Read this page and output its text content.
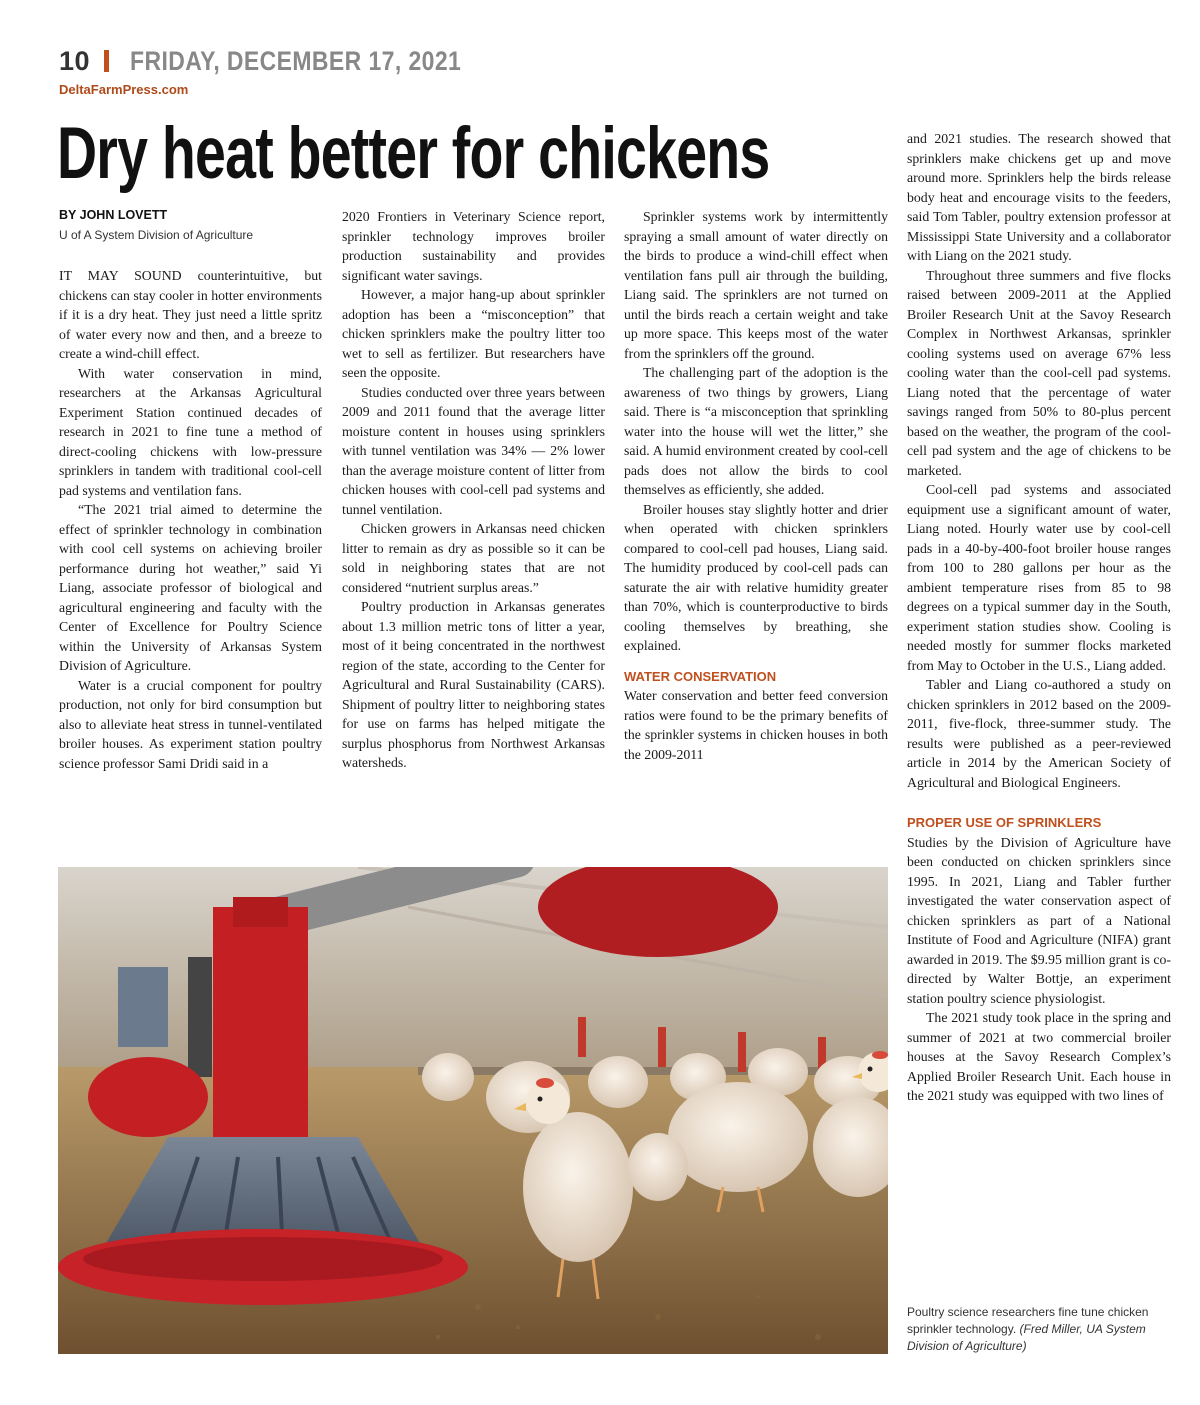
10 FRIDAY, DECEMBER 17, 2021
DeltaFarmPress.com
Dry heat better for chickens
BY JOHN LOVETT
U of A System Division of Agriculture

IT MAY SOUND counterintuitive, but chickens can stay cooler in hotter environments if it is a dry heat. They just need a little spritz of water every now and then, and a breeze to create a wind-chill effect.

With water conservation in mind, researchers at the Arkansas Agricultural Experiment Station continued decades of research in 2021 to fine tune a method of direct-cooling chickens with low-pressure sprinklers in tandem with traditional cool-cell pad systems and ventilation fans.

“The 2021 trial aimed to determine the effect of sprinkler technology in combination with cool cell systems on achieving broiler performance during hot weather,” said Yi Liang, associate professor of biological and agricultural engineering and faculty with the Center of Excellence for Poultry Science within the University of Arkansas System Division of Agriculture.

Water is a crucial component for poultry production, not only for bird consumption but also to alleviate heat stress in tunnel-ventilated broiler houses. As experiment station poultry science professor Sami Dridi said in a

2020 Frontiers in Veterinary Science report, sprinkler technology improves broiler production sustainability and provides significant water savings.

However, a major hang-up about sprinkler adoption has been a “misconception” that chicken sprinklers make the poultry litter too wet to sell as fertilizer. But researchers have seen the opposite.

Studies conducted over three years between 2009 and 2011 found that the average litter moisture content in houses using sprinklers with tunnel ventilation was 34% — 2% lower than the average moisture content of litter from chicken houses with cool-cell pad systems and tunnel ventilation.

Chicken growers in Arkansas need chicken litter to remain as dry as possible so it can be sold in neighboring states that are not considered “nutrient surplus areas.”

Poultry production in Arkansas generates about 1.3 million metric tons of litter a year, most of it being concentrated in the northwest region of the state, according to the Center for Agricultural and Rural Sustainability (CARS). Shipment of poultry litter to neighboring states for use on farms has helped mitigate the surplus phosphorus from Northwest Arkansas watersheds.

Sprinkler systems work by intermittently spraying a small amount of water directly on the birds to produce a wind-chill effect when ventilation fans pull air through the building, Liang said. The sprinklers are not turned on until the birds reach a certain weight and take up more space. This keeps most of the water from the sprinklers off the ground.

The challenging part of the adoption is the awareness of two things by growers, Liang said. There is “a misconception that sprinkling water into the house will wet the litter,” she said. A humid environment created by cool-cell pads does not allow the birds to cool themselves as efficiently, she added.

Broiler houses stay slightly hotter and drier when operated with chicken sprinklers compared to cool-cell pad houses, Liang said. The humidity produced by cool-cell pads can saturate the air with relative humidity greater than 70%, which is counterproductive to birds cooling themselves by breathing, she explained.

WATER CONSERVATION

Water conservation and better feed conversion ratios were found to be the primary benefits of the sprinkler systems in chicken houses in both the 2009-2011

and 2021 studies. The research showed that sprinklers make chickens get up and move around more. Sprinklers help the birds release body heat and encourage visits to the feeders, said Tom Tabler, poultry extension professor at Mississippi State University and a collaborator with Liang on the 2021 study.

Throughout three summers and five flocks raised between 2009-2011 at the Applied Broiler Research Unit at the Savoy Research Complex in Northwest Arkansas, sprinkler cooling systems used on average 67% less cooling water than the cool-cell pad systems. Liang noted that the percentage of water savings ranged from 50% to 80-plus percent based on the weather, the program of the cool-cell pad system and the age of chickens to be marketed.

Cool-cell pad systems and associated equipment use a significant amount of water, Liang noted. Hourly water use by cool-cell pads in a 40-by-400-foot broiler house ranges from 100 to 280 gallons per hour as the ambient temperature rises from 85 to 98 degrees on a typical summer day in the South, experiment station studies show. Cooling is needed mostly for summer flocks marketed from May to October in the U.S., Liang added.

Tabler and Liang co-authored a study on chicken sprinklers in 2012 based on the 2009-2011, five-flock, three-summer study. The results were published as a peer-reviewed article in 2014 by the American Society of Agricultural and Biological Engineers.

PROPER USE OF SPRINKLERS

Studies by the Division of Agriculture have been conducted on chicken sprinklers since 1995. In 2021, Liang and Tabler further investigated the water conservation aspect of chicken sprinklers as part of a National Institute of Food and Agriculture (NIFA) grant awarded in 2019. The $9.95 million grant is co-directed by Walter Bottje, an experiment station poultry science physiologist.

The 2021 study took place in the spring and summer of 2021 at two commercial broiler houses at the Savoy Research Complex’s Applied Broiler Research Unit. Each house in the 2021 study was equipped with two lines of

Poultry science researchers fine tune chicken sprinkler technology. (Fred Miller, UA System Division of Agriculture)
